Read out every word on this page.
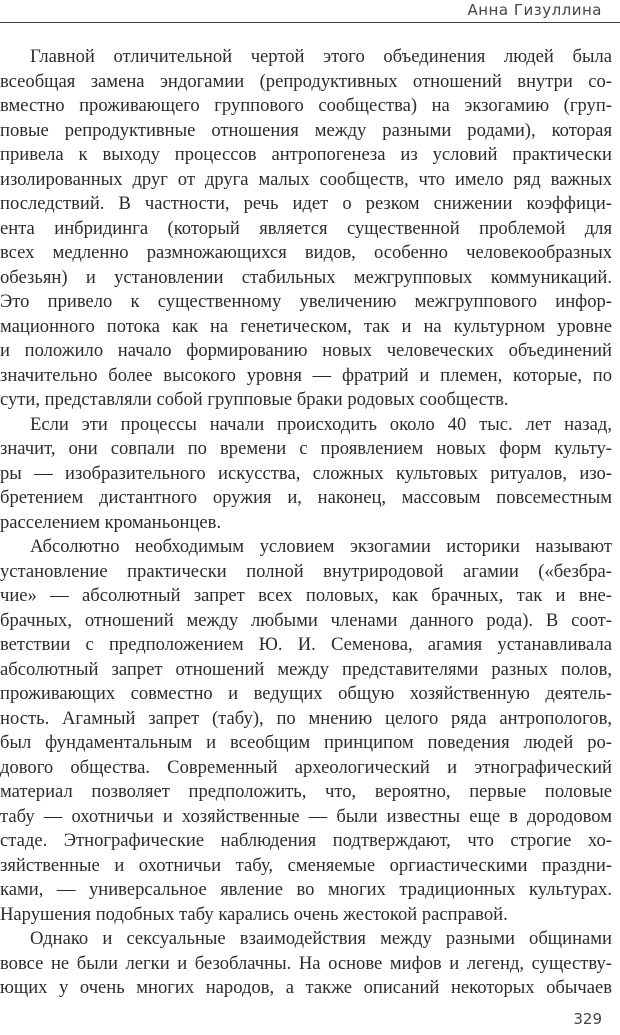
Анна Гизуллина
Главной отличительной чертой этого объединения людей была
всеобщая замена эндогамии (репродуктивных отношений внутри со-
вместно проживающего группового сообщества) на экзогамию (груп-
повые репродуктивные отношения между разными родами), которая
привела к выходу процессов антропогенеза из условий практически
изолированных друг от друга малых сообществ, что имело ряд важных
последствий. В частности, речь идет о резком снижении коэффици-
ента инбридинга (который является существенной проблемой для
всех медленно размножающихся видов, особенно человекообразных
обезьян) и установлении стабильных межгрупповых коммуникаций.
Это привело к существенному увеличению межгруппового инфор-
мационного потока как на генетическом, так и на культурном уровне
и положило начало формированию новых человеческих объединений
значительно более высокого уровня — фратрий и племен, которые, по
сути, представляли собой групповые браки родовых сообществ.
Если эти процессы начали происходить около 40 тыс. лет назад,
значит, они совпали по времени с проявлением новых форм культу-
ры — изобразительного искусства, сложных культовых ритуалов, изо-
бретением дистантного оружия и, наконец, массовым повсеместным
расселением кроманьонцев.
Абсолютно необходимым условием экзогамии историки называют
установление практически полной внутриродовой агамии («безбра-
чие» — абсолютный запрет всех половых, как брачных, так и вне-
брачных, отношений между любыми членами данного рода). В соот-
ветствии с предположением Ю. И. Семенова, агамия устанавливала
абсолютный запрет отношений между представителями разных полов,
проживающих совместно и ведущих общую хозяйственную деятель-
ность. Агамный запрет (табу), по мнению целого ряда антропологов,
был фундаментальным и всеобщим принципом поведения людей ро-
дового общества. Современный археологический и этнографический
материал позволяет предположить, что, вероятно, первые половые
табу — охотничьи и хозяйственные — были известны еще в дородовом
стаде. Этнографические наблюдения подтверждают, что строгие хо-
зяйственные и охотничьи табу, сменяемые оргиастическими праздни-
ками, — универсальное явление во многих традиционных культурах.
Нарушения подобных табу карались очень жестокой расправой.
Однако и сексуальные взаимодействия между разными общинами
вовсе не были легки и безоблачны. На основе мифов и легенд, существу-
ющих у очень многих народов, а также описаний некоторых обычаев
329
